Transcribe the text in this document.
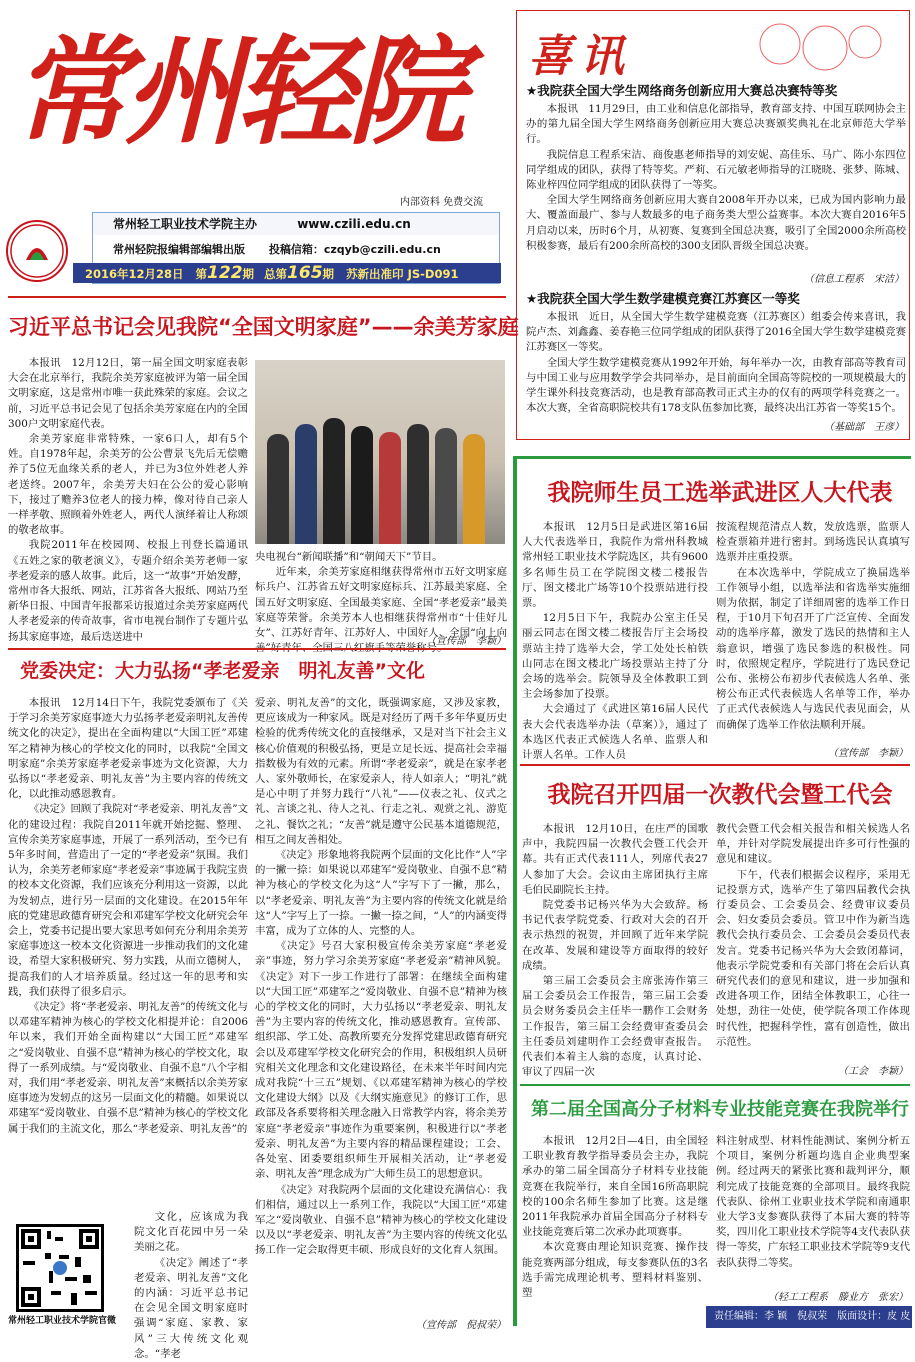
常州轻院
内部资料 免费交流
常州轻工职业技术学院主办	www.czili.edu.cn
常州轻院报编辑部编辑出版 投稿信箱：czqyb@czili.edu.cn
2016年12月28日 第122期 总第165期 苏新出准印 JS-D091
喜讯
★我院获全国大学生网络商务创新应用大赛总决赛特等奖

本报讯　11月29日，由工业和信息化部指导，教育部支持、中国互联网协会主办的第九届全国大学生网络商务创新应用大赛总决赛颁奖典礼在北京师范大学举行。

我院信息工程系宋洁、商俊惠老师指导的刘安妮、高佳乐、马广、陈小东四位同学组成的团队，获得了特等奖。严莉、石元敏老师指导的江晓晓、张梦、陈城、陈业梓四位同学组成的团队获得了一等奖。

全国大学生网络商务创新应用大赛自2008年开办以来，已成为国内影响力最大、覆盖面最广、参与人数最多的电子商务类大型公益赛事。本次大赛自2016年5月启动以来，历时6个月，从初赛、复赛到全国总决赛，吸引了全国2000余所高校积极参赛，最后有200余所高校的300支团队晋级全国总决赛。

（信息工程系　宋洁）
★我院获全国大学生数学建模竞赛江苏赛区一等奖

本报讯　近日，从全国大学生数学建模竞赛（江苏赛区）组委会传来喜讯，我院卢杰、刘鑫鑫、姜春艳三位同学组成的团队获得了2016全国大学生数学建模竞赛江苏赛区一等奖。

全国大学生数学建模竞赛从1992年开始，每年举办一次，由教育部高等教育司与中国工业与应用数学学会共同举办，是目前面向全国高等院校的一项规模最大的学生课外科技竞赛活动，也是教育部高教司正式主办的仅有的两项学科竞赛之一。本次大赛，全省高职院校共有178支队伍参加比赛，最终决出江苏省一等奖15个。

（基础部　王彦）
习近平总书记会见我院“全国文明家庭”——余美芳家庭

本报讯　12月12日，第一届全国文明家庭表彰大会在北京举行，我院余美芳家庭被评为第一届全国文明家庭，这是常州市唯一获此殊荣的家庭。会议之前，习近平总书记会见了包括余美芳家庭在内的全国300户文明家庭代表。

余美芳家庭非常特殊，一家6口人，却有5个姓。自1978年起，余美芳的公公曹景飞先后无偿赡养了5位无血缘关系的老人，并已为3位外姓老人养老送终。2007年，余美芳夫妇在公公的爱心影响下，接过了赡养3位老人的接力棒，像对待自己亲人一样孝敬、照顾着外姓老人，两代人演绎着让人称颂的敬老故事。

我院2011年在校园网、校报上刊登长篇通讯《五姓之家的敬老演义》，专题介绍余美芳老师一家孝老爱亲的感人故事。此后，这一“故事”开始发酵，常州市各大报纸、网站，江苏省各大报纸、网站乃至新华日报、中国青年报都采访报道过余美芳家庭两代人孝老爱亲的传奇故事，省市电视台制作了专题片弘扬其家庭事迹，最后迭送进中

央电视台“新闻联播”和“朝闻天下”节目。

近年来，余美芳家庭相继获得常州市五好文明家庭标兵户、江苏省五好文明家庭标兵、江苏最美家庭、全国五好文明家庭、全国最美家庭、全国“孝老爱亲”最美家庭等荣誉。余美芳本人也相继获得常州市“十佳好儿女”、江苏好青年、江苏好人、中国好人、全国“向上向

（宣传部　李颖）
党委决定：大力弘扬“孝老爱亲　明礼友善”文化

本报讯　12月14日下午，我院党委颁布了《关于学习余美芳家庭事迹大力弘扬孝老爱亲明礼友善传统文化的决定》，提出在全面构建以“大国工匠”邓建军之精神为核心的学校文化的同时，以我院“全国文明家庭”余美芳家庭孝老爱亲事迹为文化资源，大力弘扬以“孝老爱亲、明礼友善”为主要内容的传统文化，以此推动感恩教育。

《决定》回顾了我院对“孝老爱亲、明礼友善”文化的建设过程：我院自2011年就开始挖掘、整理、宣传余美芳家庭事迹，开展了一系列活动，至今已有5年多时间，营造出了一定的“孝老爱亲”氛围。我们认为，余美芳老师家庭“孝老爱亲”事迹属于我院宝贵的校本文化资源，我们应该充分利用这一资源，以此为发轫点，进行另一层面的文化建设。在2015年年底的党建思政德育研究会和邓建军学校文化研究会年会上，党委书记提出要大家思考如何充分利用余美芳家庭事迹这一校本文化资源进一步推动我们的文化建设，希望大家积极研究、努力实践，从而立德树人，提高我们的人才培养质量。经过这一年的思考和实践，我们获得了很多启示。

《决定》将“孝老爱亲、明礼友善”的传统文化与以邓建军精神为核心的学校文化相提并论：自2006年以来，我们开始全面构建以“大国工匠”邓建军之“爱岗敬业、自强不息”精神为核心的学校文化，取得了一系列成绩。与“爱岗敬业、自强不息”八个字相对，我们用“孝老爱亲、明礼友善”来概括以余美芳家庭事迹为发轫点的这另一层面文化的精髓。如果说以邓建军“爱岗敬业、自强不息”精神为核心的学校文化属于我们的主流文化，那么“孝老爱亲、明礼友善”的

文化，应该成为我院文化百花园中另一朵美丽之花。

《决定》阐述了“孝老爱亲、明礼友善”文化的内涵：习近平总书记在会见全国文明家庭时强调“家庭、家教、家风”三大传统文化观念。“孝老

爱亲、明礼友善”的文化，既强调家庭，又涉及家教，更应该成为一种家风。既是对经历了两千多年华夏历史检验的优秀传统文化的直接继承，又是对当下社会主义核心价值观的积极弘扬，更是立足长远、提高社会幸福指数极为有效的元素。所谓“孝老爱亲”，就是在家孝老人、家外敬师长，在家爱亲人，待人如亲人；“明礼”就是心中明了并努力践行“八礼”——仪表之礼、仪式之礼、言谈之礼、待人之礼、行走之礼、观赏之礼、游览之礼、餐饮之礼；“友善”就是遵守公民基本道德规范，相互之间友善相处。

《决定》形象地将我院两个层面的文化比作“人”字的一撇一捺：如果说以邓建军“爱岗敬业、自强不息”精神为核心的学校文化为这“人”字写下了一撇，那么，以“孝老爱亲、明礼友善”为主要内容的传统文化就是给这“人”字写上了一捺。一撇一捺之间，“人”的内涵变得丰富，成为了立体的人、完整的人。

《决定》号召大家积极宣传余美芳家庭“孝老爱亲”事迹，努力学习余美芳家庭“孝老爱亲”精神风貌。《决定》对下一步工作进行了部署：在继续全面构建以“大国工匠”邓建军之“爱岗敬业、自强不息”精神为核心的学校文化的同时，大力弘扬以“孝老爱亲、明礼友善”为主要内容的传统文化，推动感恩教育。宣传部、组织部、学工处、高教所要充分发挥党建思政德育研究会以及邓建军学校文化研究会的作用，积极组织人员研究相关文化理念和文化建设路径，在未来半年时间内完成对我院“十三五”规划、《以邓建军精神为核心的学校文化建设大纲》以及《大纲实施意见》的修订工作，思政部及各系要将相关理念融入日常教学内容，将余美芳家庭“孝老爱亲”事迹作为重要案例，积极进行以“孝老爱亲、明礼友善”为主要内容的精品课程建设；工会、各处室、团委要组织师生开展相关活动，让“孝老爱亲、明礼友善”理念成为广大师生员工的思想意识。

《决定》对我院两个层面的文化建设充满信心：我们相信，通过以上一系列工作，我院以“大国工匠”邓建军之“爱岗敬业、自强不息”精神为核心的学校文化建设以及以“孝老爱亲、明礼友善”为主要内容的传统文化弘扬工作一定会取得更丰硕、形成良好的文化育人氛围。

（宣传部　倪叔荣）
常州轻工职业技术学院官微
我院师生员工选举武进区人大代表

本报讯　12月5日是武进区第16届人大代表选举日，我院作为常州科教城常州轻工职业技术学院选区，共有9600多名师生员工在学院图文楼二楼报告厅、图文楼北广场等10个投票站进行投票。

12月5日下午，我院办公室主任吴丽云同志在图文楼二楼报告厅主会场投票站主持了选举大会，学工处处长柏铁山同志在图文楼北广场投票站主持了分会场的选举会。院领导及全体教职工到主会场参加了投票。

大会通过了《武进区第16届人民代表大会代表选举办法（草案）》，通过了本选区代表正式候选人名单、监票人和计票人名单。工作人员

按流程规范清点人数，发放选票，监票人检查票箱并进行密封。到场选民认真填写选票并庄重投票。

在本次选举中，学院成立了换届选举工作领导小组，以选举法和省选举实施细则为依据，制定了详细周密的选举工作日程，于10月下旬召开了广泛宣传、全面发动的选举序幕，激发了选民的热情和主人翁意识，增强了选民参选的积极性。同时，依照规定程序，学院进行了选民登记公布、张榜公布初步代表候选人名单、张榜公布正式代表候选人名单等工作，举办了正式代表候选人与选民代表见面会，从而确保了选举工作依法顺利开展。

（宣传部　李颖）
我院召开四届一次教代会暨工代会

本报讯　12月10日，在庄严的国歌声中，我院四届一次教代会暨工代会开幕。共有正式代表111人，列席代表27人参加了大会。会议由主席团执行主席毛伯民副院长主持。

院党委书记杨兴华为大会致辞。杨书记代表学院党委、行政对大会的召开表示热烈的祝贺，并回顾了近年来学院在改革、发展和建设等方面取得的较好成绩。

第三届工会委员会主席张涛作第三届工会委员会工作报告，第三届工会委员会财务委员会主任毕一鹏作工会财务工作报告，第三届工会经费审查委员会主任委员刘建明作工会经费审查报告。代表们本着主人翁的态度，认真讨论、审议了四届一次

教代会暨工代会相关报告和相关候选人名单，并针对学院发展提出许多可行性强的意见和建议。

下午，代表们根据会议程序，采用无记投票方式，选举产生了第四届教代会执行委员会、工会委员会、经费审议委员会、妇女委员会委员。管卫中作为新当选教代会执行委员会、工会委员会委员代表发言。党委书记杨兴华为大会致闭幕词，他表示学院党委和有关部门将在会后认真研究代表们的意见和建议，进一步加强和改进各项工作，团结全体教职工，心往一处想，劲往一处使，使学院各项工作体现时代性，把握科学性，富有创造性，做出示范性。

（工会　李颖）
第二届全国高分子材料专业技能竞赛在我院举行

本报讯　12月2日—4日，由全国轻工职业教育教学指导委员会主办，我院承办的第二届全国高分子材料专业技能竞赛在我院举行，来自全国16所高职院校的100余名师生参加了比赛。这是继2011年我院承办首届全国高分子材料专业技能竞赛后第二次承办此项赛事。

本次竞赛由理论知识竞赛、操作技能竞赛两部分组成，每支参赛队伍的3名选手需完成理论机考、塑料材料鉴别、塑

料注射成型、材料性能测试、案例分析五个项目，案例分析题均选自企业典型案例。经过两天的紧张比赛和裁判评分，顺利完成了技能竞赛的全部项目。最终我院代表队、徐州工业职业技术学院和南通职业大学3支参赛队获得了本届大赛的特等奖，四川化工职业技术学院等4支代表队获得一等奖，广东轻工职业技术学院等9支代表队获得二等奖。

（轻工工程系　滕业方　张宏）
责任编辑：李 颖　倪叔荣　版面设计：皮 皮
